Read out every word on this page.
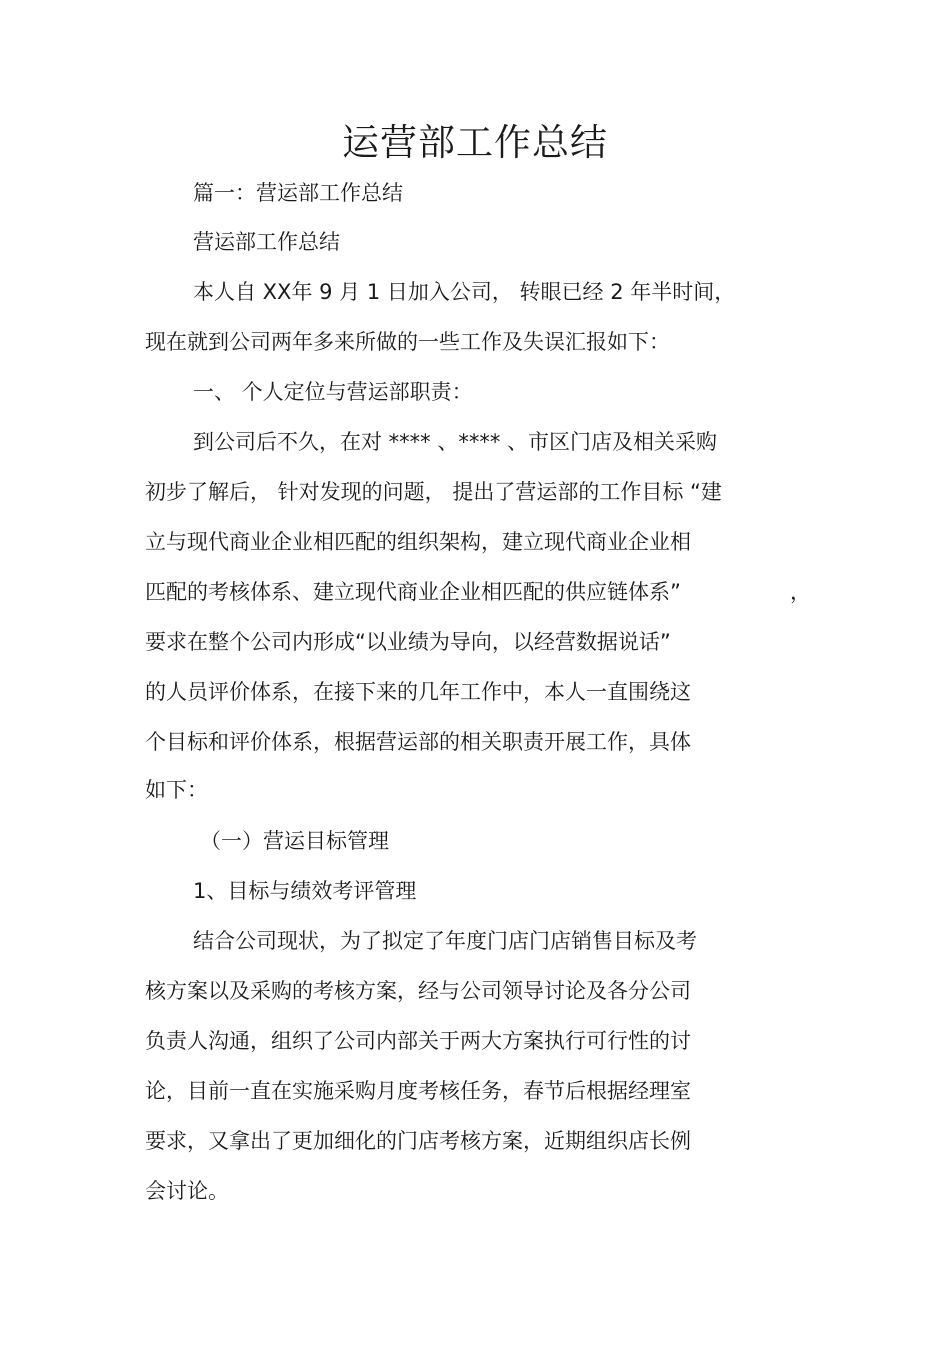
运营部工作总结
篇一：营运部工作总结
营运部工作总结
本人自 XX年 9 月 1 日加入公司， 转眼已经 2 年半时间，
现在就到公司两年多来所做的一些工作及失误汇报如下：
一、 个人定位与营运部职责：
到公司后不久，在对 **** 、**** 、市区门店及相关采购
初步了解后， 针对发现的问题， 提出了营运部的工作目标 “建
立与现代商业企业相匹配的组织架构，建立现代商业企业相
匹配的考核体系、建立现代商业企业相匹配的供应链体系”	，
要求在整个公司内形成“以业绩为导向，以经营数据说话”
的人员评价体系，在接下来的几年工作中，本人一直围绕这
个目标和评价体系，根据营运部的相关职责开展工作，具体
如下：
（一）营运目标管理
1、目标与绩效考评管理
结合公司现状，为了拟定了年度门店门店销售目标及考
核方案以及采购的考核方案，经与公司领导讨论及各分公司
负责人沟通，组织了公司内部关于两大方案执行可行性的讨
论，目前一直在实施采购月度考核任务，春节后根据经理室
要求，又拿出了更加细化的门店考核方案，近期组织店长例
会讨论。
